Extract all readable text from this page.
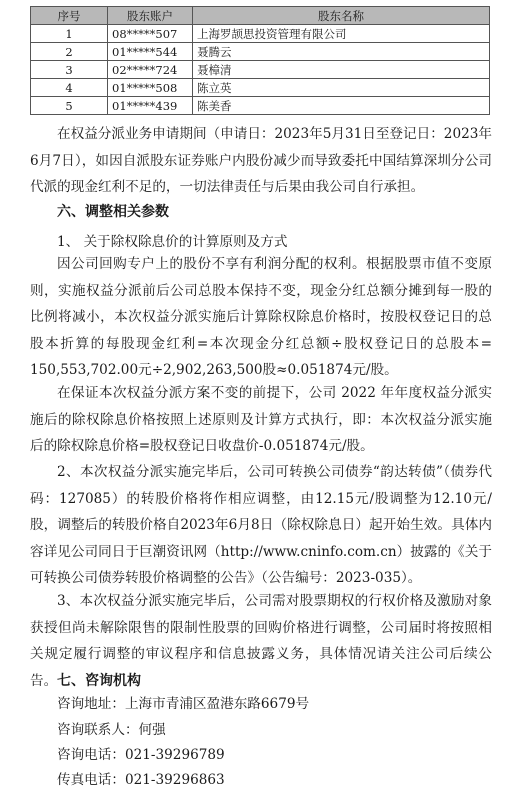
序号	股东账户	股东名称
1	08*****507	上海罗颉思投资管理有限公司
2	01*****544	聂腾云
3	02*****724	聂樟清
4	01*****508	陈立英
5	01*****439	陈美香

在权益分派业务申请期间（申请日：2023年5月31日至登记日：2023年6月7日），如因自派股东证券账户内股份减少而导致委托中国结算深圳分公司代派的现金红利不足的，一切法律责任与后果由我公司自行承担。

六、调整相关参数

1、 关于除权除息价的计算原则及方式

因公司回购专户上的股份不享有利润分配的权利。根据股票市值不变原则，实施权益分派前后公司总股本保持不变，现金分红总额分摊到每一股的比例将减小，本次权益分派实施后计算除权除息价格时，按股权登记日的总股本折算的每股现金红利=本次现金分红总额÷股权登记日的总股本= 150,553,702.00元÷2,902,263,500股≈0.051874元/股。

在保证本次权益分派方案不变的前提下，公司 2022 年年度权益分派实施后的除权除息价格按照上述原则及计算方式执行，即：本次权益分派实施后的除权除息价格=股权登记日收盘价-0.051874元/股。

2、本次权益分派实施完毕后，公司可转换公司债券“韵达转债”（债券代码：127085）的转股价格将作相应调整，由12.15元/股调整为12.10元/股，调整后的转股价格自2023年6月8日（除权除息日）起开始生效。具体内容详见公司同日于巨潮资讯网（http://www.cninfo.com.cn）披露的《关于可转换公司债券转股价格调整的公告》（公告编号：2023-035）。

3、本次权益分派实施完毕后，公司需对股票期权的行权价格及激励对象获授但尚未解除限售的限制性股票的回购价格进行调整，公司届时将按照相关规定履行调整的审议程序和信息披露义务，具体情况请关注公司后续公告。 七、咨询机构

咨询地址：上海市青浦区盈港东路6679号

咨询联系人：何强

咨询电话：021-39296789

传真电话：021-39296863
